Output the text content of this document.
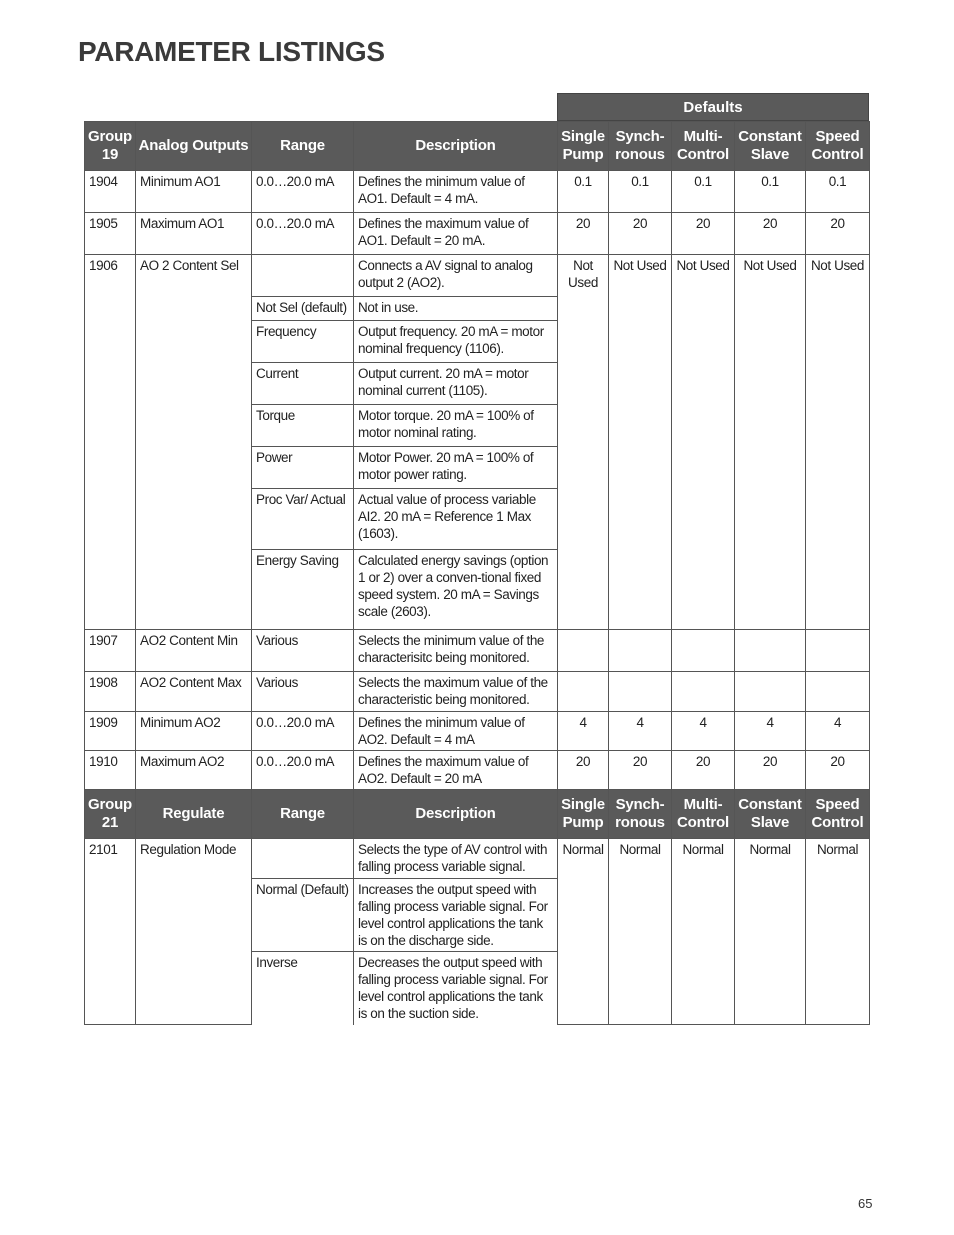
PARAMETER LISTINGS
Defaults
Group 19	Analog Outputs	Range	Description	Single Pump	Synch- ronous	Multi- Control	Constant Slave	Speed Control
1904	Minimum AO1	0.0…20.0 mA	Defines the minimum value of AO1. Default = 4 mA.	0.1	0.1	0.1	0.1	0.1
1905	Maximum AO1	0.0…20.0 mA	Defines the maximum value of AO1. Default = 20 mA.	20	20	20	20	20
1906	AO 2 Content Sel		Connects a AV signal to analog output 2 (AO2).	Not Used	Not Used	Not Used	Not Used	Not Used
		Not Sel (default)	Not in use.					
		Frequency	Output frequency. 20 mA = motor nominal frequency (1106).					
		Current	Output current. 20 mA = motor nominal current (1105).					
		Torque	Motor torque. 20 mA = 100% of motor nominal rating.					
		Power	Motor Power. 20 mA = 100% of motor power rating.					
		Proc Var/ Actual	Actual value of process variable AI2. 20 mA = Reference 1 Max (1603).					
		Energy Saving	Calculated energy savings (option 1 or 2) over a conven-tional fixed speed system. 20 mA = Savings scale (2603).					
1907	AO2 Content Min	Various	Selects the minimum value of the characterisitc being monitored.					
1908	AO2 Content Max	Various	Selects the maximum value of the characteristic being monitored.					
1909	Minimum AO2	0.0…20.0 mA	Defines the minimum value of AO2. Default = 4 mA	4	4	4	4	4
1910	Maximum AO2	0.0…20.0 mA	Defines the maximum value of AO2. Default = 20 mA	20	20	20	20	20
Group 21	Regulate	Range	Description	Single Pump	Synch- ronous	Multi- Control	Constant Slave	Speed Control
2101	Regulation Mode		Selects the type of AV control with falling process variable signal.	Normal	Normal	Normal	Normal	Normal
		Normal (Default)	Increases the output speed with falling process variable signal. For level control applications the tank is on the discharge side.					
		Inverse	Decreases the output speed with falling process variable signal. For level control applications the tank is on the suction side.					
65
